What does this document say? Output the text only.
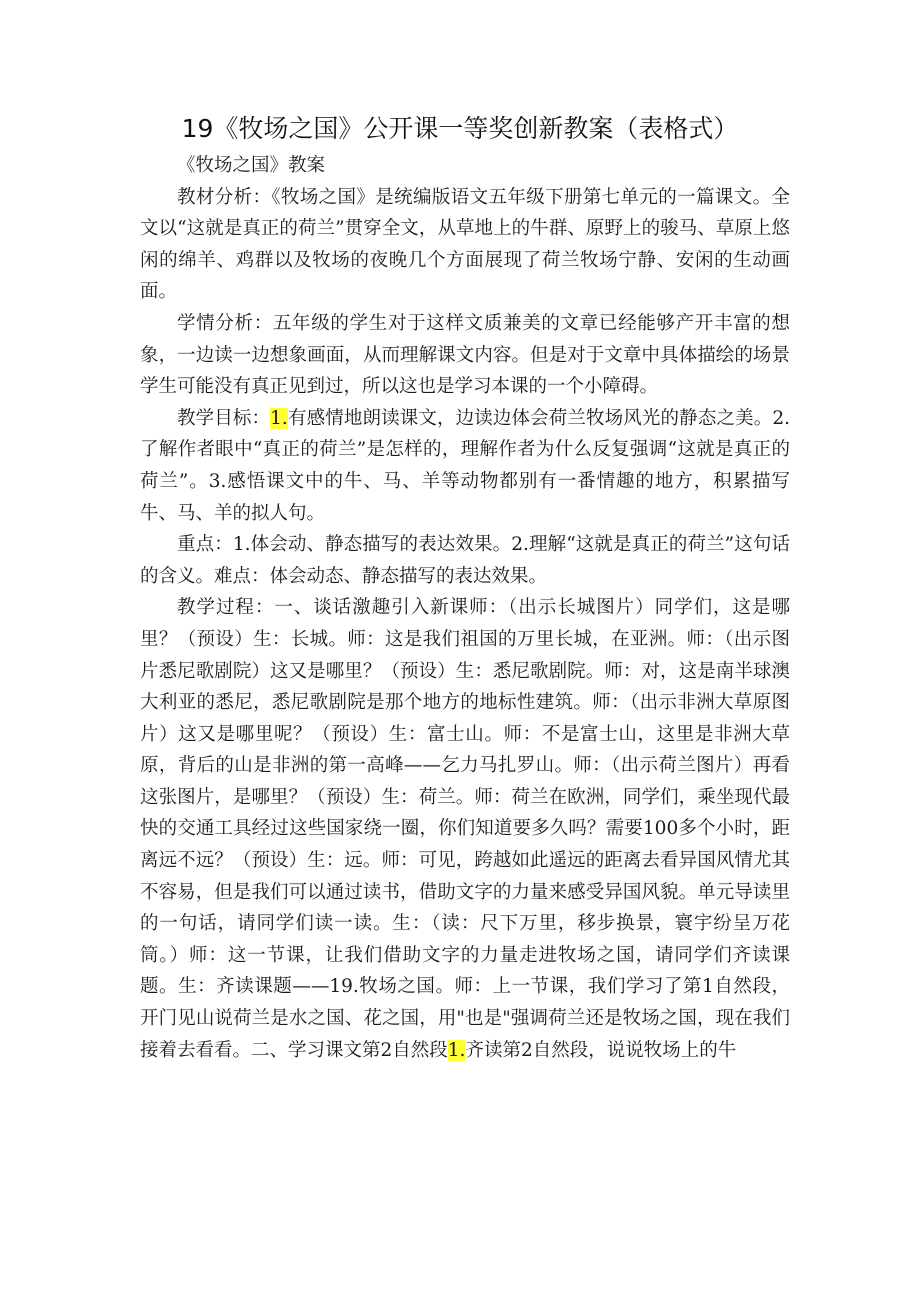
19《牧场之国》公开课一等奖创新教案（表格式）

《牧场之国》教案

教材分析：《牧场之国》是统编版语文五年级下册第七单元的一篇课文。全文以“这就是真正的荷兰”贯穿全文，从草地上的牛群、原野上的骏马、草原上悠闲的绵羊、鸡群以及牧场的夜晚几个方面展现了荷兰牧场宁静、安闲的生动画面。

学情分析：五年级的学生对于这样文质兼美的文章已经能够产开丰富的想象，一边读一边想象画面，从而理解课文内容。但是对于文章中具体描绘的场景学生可能没有真正见到过，所以这也是学习本课的一个小障碍。

教学目标：1.有感情地朗读课文，边读边体会荷兰牧场风光的静态之美。2.了解作者眼中“真正的荷兰”是怎样的，理解作者为什么反复强调“这就是真正的荷兰”。3.感悟课文中的牛、马、羊等动物都别有一番情趣的地方，积累描写牛、马、羊的拟人句。

重点：1.体会动、静态描写的表达效果。2.理解“这就是真正的荷兰”这句话的含义。难点：体会动态、静态描写的表达效果。

教学过程：一、谈话激趣引入新课师：（出示长城图片）同学们，这是哪里？（预设）生：长城。师：这是我们祖国的万里长城，在亚洲。师：（出示图片悉尼歌剧院）这又是哪里？（预设）生：悉尼歌剧院。师：对，这是南半球澳大利亚的悉尼，悉尼歌剧院是那个地方的地标性建筑。师：（出示非洲大草原图片）这又是哪里呢？（预设）生：富士山。师：不是富士山，这里是非洲大草原，背后的山是非洲的第一高峰——乞力马扎罗山。师：（出示荷兰图片）再看这张图片，是哪里？（预设）生：荷兰。师：荷兰在欧洲，同学们，乘坐现代最快的交通工具经过这些国家绕一圈，你们知道要多久吗？需要100多个小时，距离远不远？（预设）生：远。师：可见，跨越如此遥远的距离去看异国风情尤其不容易，但是我们可以通过读书，借助文字的力量来感受异国风貌。单元导读里的一句话，请同学们读一读。生：（读：尺下万里，移步换景，寰宇纷呈万花筒。）师：这一节课，让我们借助文字的力量走进牧场之国，请同学们齐读课题。生：齐读课题——19.牧场之国。师：上一节课，我们学习了第1自然段，开门见山说荷兰是水之国、花之国，用"也是"强调荷兰还是牧场之国，现在我们接着去看看。二、学习课文第2自然段1.齐读第2自然段，说说牧场上的牛
